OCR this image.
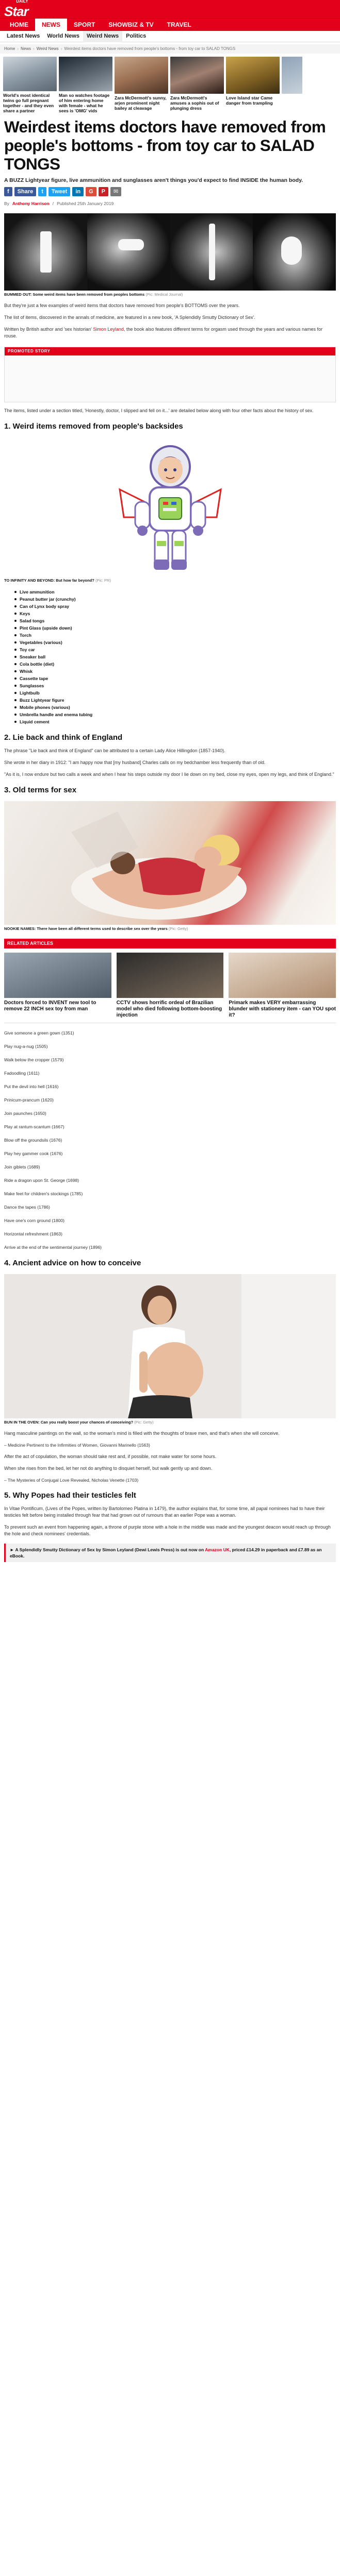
DAILY
Star
HOME	NEWS	SPORT	SHOWBIZ & TV	TRAVEL
Latest News	World News	Weird News	Politics
Home › News › Weird News › Weirdest items doctors have removed from people's bottoms - from toy car to SALAD TONGS
World's most identical twins go full pregnant together - and they even share a partner
Man so watches footage of him entering home with female - what he sees is 'OMG' vids
Zara McDermott's sunny, arjen prominent night bailey at cleavage
Zara McDermott's amuses a sophis out of plunging dress
Love Island star Came danger from trampling
Weirdest items doctors have removed from people's bottoms - from toy car to SALAD TONGS

A BUZZ Lightyear figure, live ammunition and sunglasses aren't things you'd expect to find INSIDE the human body.

f	Share	t	Tweet	in	G	P	✉
By Anthony Harrison / Published 25th January 2019
BUMMED OUT: Some weird items have been removed from peoples bottoms (Pic: Medical Journal)

But they're just a few examples of weird items that doctors have removed from people's BOTTOMS over the years.

The list of items, discovered in the annals of medicine, are featured in a new book, 'A Splendidly Smutty Dictionary of Sex'.

Written by British author and 'sex historian' Simon Leyland, the book also features different terms for orgasm used through the years and various names for rouse.

PROMOTED STORY

The items, listed under a section titled, 'Honestly, doctor, I slipped and fell on it...' are detailed below along with four other facts about the history of sex.

1. Weird items removed from people's backsides
TO INFINITY AND BEYOND: But how far beyond? (Pic: PR)
Live ammunition
Peanut butter jar (crunchy)
Can of Lynx body spray
Keys
Salad tongs
Pint Glass (upside down)
Torch
Vegetables (various)
Toy car
Sneaker ball
Cola bottle (diet)
Whisk
Cassette tape
Sunglasses
Lightbulb
Buzz Lightyear figure
Mobile phones (various)
Umbrella handle and enema tubing
Liquid cement
2. Lie back and think of England

The phrase "Lie back and think of England" can be attributed to a certain Lady Alice Hillingdon (1857-1940).

She wrote in her diary in 1912: "I am happy now that [my husband] Charles calls on my bedchamber less frequently than of old.

"As it is, I now endure but two calls a week and when I hear his steps outside my door I lie down on my bed, close my eyes, open my legs, and think of England."

3. Old terms for sex
NOOKIE NAMES: There have been all different terms used to describe sex over the years (Pic: Getty)
RELATED ARTICLES
Doctors forced to INVENT new tool to remove 22 INCH sex toy from man
CCTV shows horrific ordeal of Brazilian model who died following bottom-boosting injection
Primark makes VERY embarrassing blunder with stationery item - can YOU spot it?

Give someone a green gown (1351)

Play nug-a-nug (1505)

Walk below the cropper (1579)

Fadoodling (1611)

Put the devil into hell (1616)

Prinicum-prancum (1620)

Join paunches (1650)

Play at rantum-scantum (1667)

Blow off the groundsils (1676)

Play hey gammer cook (1676)

Join giblets (1689)

Ride a dragon upon St. George (1698)

Make feet for children's stockings (1785)

Dance the tapes (1786)

Have one's corn ground (1800)

Horizontal refreshment (1863)

Arrive at the end of the sentimental journey (1896)

4. Ancient advice on how to conceive
BUN IN THE OVEN: Can you really boost your chances of conceiving? (Pic: Getty)

Hang masculine paintings on the wall, so the woman's mind is filled with the thoughts of brave men, and that's when she will conceive.

– Medicine Pertinent to the Infirmities of Women, Giovanni Marinello (1563)

After the act of copulation, the woman should take rest and, if possible, not make water for some hours.

When she rises from the bed, let her not do anything to disquiet herself, but walk gently up and down.

– The Mysteries of Conjugal Love Revealed, Nicholas Venette (1703)

5. Why Popes had their testicles felt

In Vitae Pontificum, (Lives of the Popes, written by Bartolomeo Platina in 1479), the author explains that, for some time, all papal nominees had to have their testicles felt before being installed through fear that had grown out of rumours that an earlier Pope was a woman.

To prevent such an event from happening again, a throne of purple stone with a hole in the middle was made and the youngest deacon would reach up through the hole and check nominees' credentials.

► A Splendidly Smutty Dictionary of Sex by Simon Leyland (Dewi Lewis Press) is out now on Amazon UK, priced £14.29 in paperback and £7.89 as an eBook.
